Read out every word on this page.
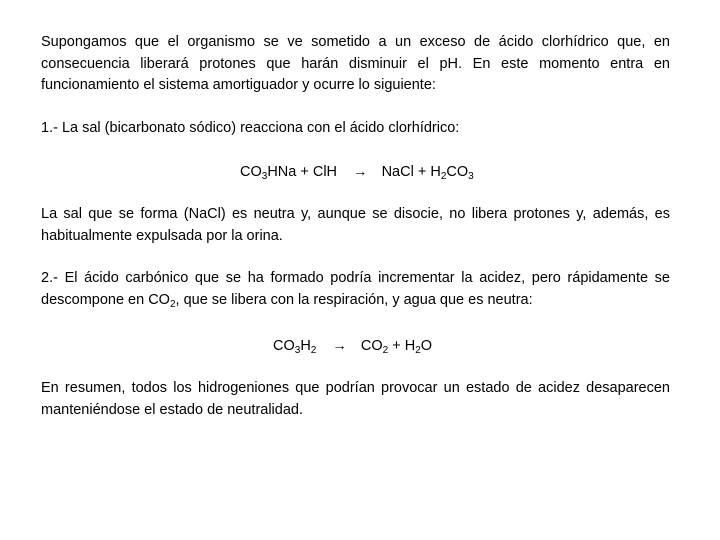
Supongamos que el organismo se ve sometido a un exceso de ácido clorhídrico que, en consecuencia liberará protones que harán disminuir el pH. En este momento entra en funcionamiento el sistema amortiguador y ocurre lo siguiente:

1.- La sal (bicarbonato sódico) reacciona con el ácido clorhídrico:

$CO_3HNa$ + ClH → NaCl + $H_2CO_3$

La sal que se forma (NaCl) es neutra y, aunque se disocie, no libera protones y, además, es habitualmente expulsada por la orina.

2.- El ácido carbónico que se ha formado podría incrementar la acidez, pero rápidamente se descompone en $CO_2$, que se libera con la respiración, y agua que es neutra:

$CO_3H_2 \to CO_2 + H_2O$

En resumen, todos los hidrogeniones que podrían provocar un estado de acidez desaparecen manteniéndose el estado de neutralidad.
